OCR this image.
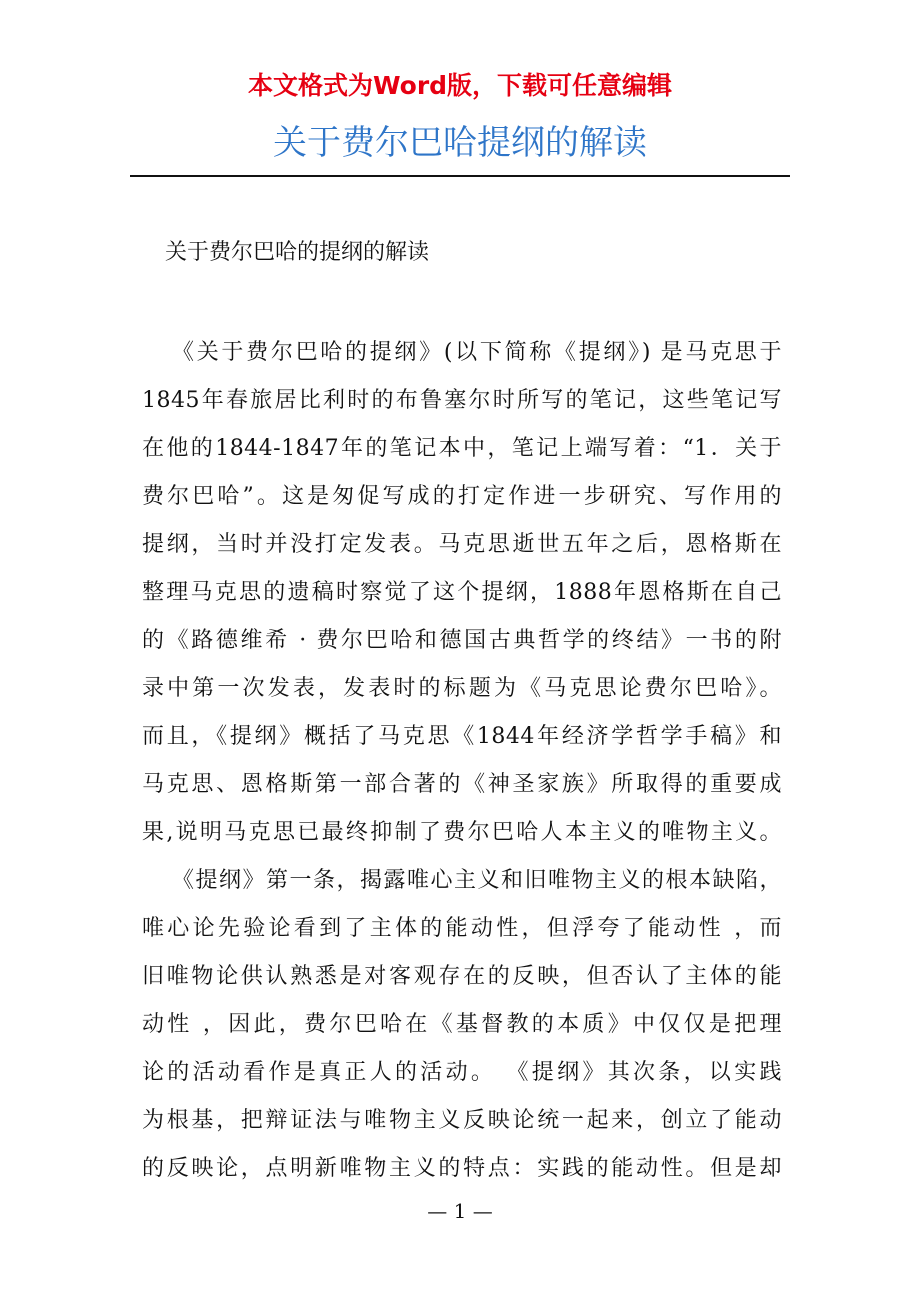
本文格式为Word版，下载可任意编辑
关于费尔巴哈提纲的解读
关于费尔巴哈的提纲的解读
《关于费尔巴哈的提纲》(以下简称《提纲》) 是马克思于
1845年春旅居比利时的布鲁塞尔时所写的笔记，这些笔记写
在他的1844-1847年的笔记本中，笔记上端写着：“1．关于
费尔巴哈”。这是匆促写成的打定作进一步研究、写作用的
提纲，当时并没打定发表。马克思逝世五年之后，恩格斯在
整理马克思的遗稿时察觉了这个提纲，1888年恩格斯在自己
的《路德维希 · 费尔巴哈和德国古典哲学的终结》一书的附
录中第一次发表，发表时的标题为《马克思论费尔巴哈》。
而且，《提纲》概括了马克思《1844年经济学哲学手稿》和
马克思、恩格斯第一部合著的《神圣家族》所取得的重要成
果,说明马克思已最终抑制了费尔巴哈人本主义的唯物主义。
《提纲》第一条，揭露唯心主义和旧唯物主义的根本缺陷，
唯心论先验论看到了主体的能动性，但浮夸了能动性 ，而
旧唯物论供认熟悉是对客观存在的反映，但否认了主体的能
动性 ，因此，费尔巴哈在《基督教的本质》中仅仅是把理
论的活动看作是真正人的活动。 《提纲》其次条，以实践
为根基，把辩证法与唯物主义反映论统一起来，创立了能动
的反映论，点明新唯物主义的特点：实践的能动性。但是却
— 1 —
